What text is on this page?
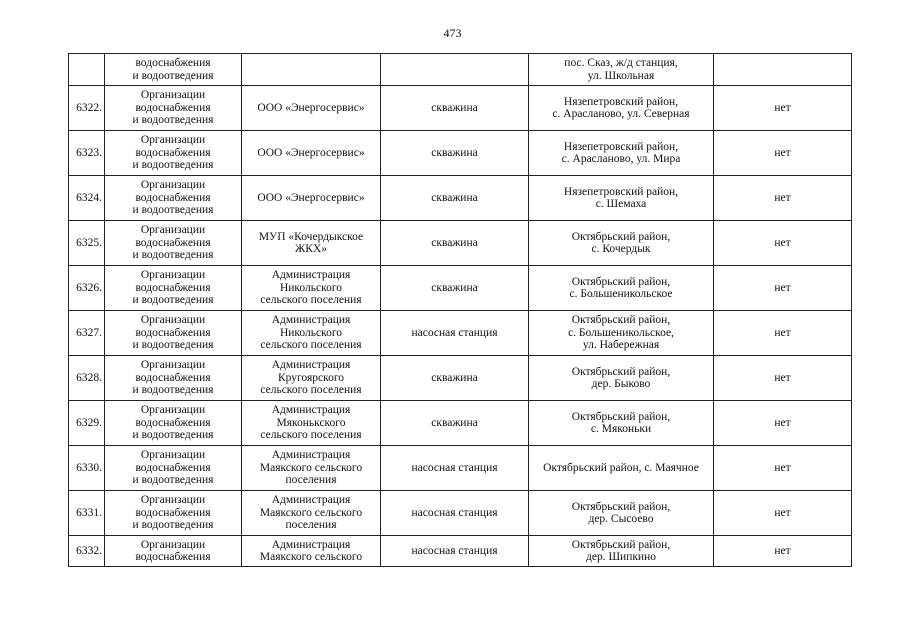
473

	водоснабжения
и водоотведения			пос. Сказ, ж/д станция,
ул. Школьная	

6322.	Организации
водоснабжения
и водоотведения	ООО «Энергосервис»	скважина	Нязепетровский район,
с. Арасланово, ул. Северная	нет
6323.	Организации
водоснабжения
и водоотведения	ООО «Энергосервис»	скважина	Нязепетровский район,
с. Арасланово, ул. Мира	нет
6324.	Организации
водоснабжения
и водоотведения	ООО «Энергосервис»	скважина	Нязепетровский район,
с. Шемаха	нет
6325.	Организации
водоснабжения
и водоотведения	МУП «Кочердыкское
ЖКХ»	скважина	Октябрьский район,
с. Кочердык	нет
6326.	Организации
водоснабжения
и водоотведения	Администрация
Никольского
сельского поселения	скважина	Октябрьский район,
с. Большеникольское	нет
6327.	Организации
водоснабжения
и водоотведения	Администрация
Никольского
сельского поселения	насосная станция	Октябрьский район,
с. Большеникольское,
ул. Набережная	нет
6328.	Организации
водоснабжения
и водоотведения	Администрация
Кругоярского
сельского поселения	скважина	Октябрьский район,
дер. Быково	нет
6329.	Организации
водоснабжения
и водоотведения	Администрация
Мяконькского
сельского поселения	скважина	Октябрьский район,
с. Мяконьки	нет
6330.	Организации
водоснабжения
и водоотведения	Администрация
Маякского сельского
поселения	насосная станция	Октябрьский район, с. Маячное	нет
6331.	Организации
водоснабжения
и водоотведения	Администрация
Маякского сельского
поселения	насосная станция	Октябрьский район,
дер. Сысоево	нет
6332.	Организации
водоснабжения	Администрация
Маякского сельского	насосная станция	Октябрьский район,
дер. Шипкино	нет
